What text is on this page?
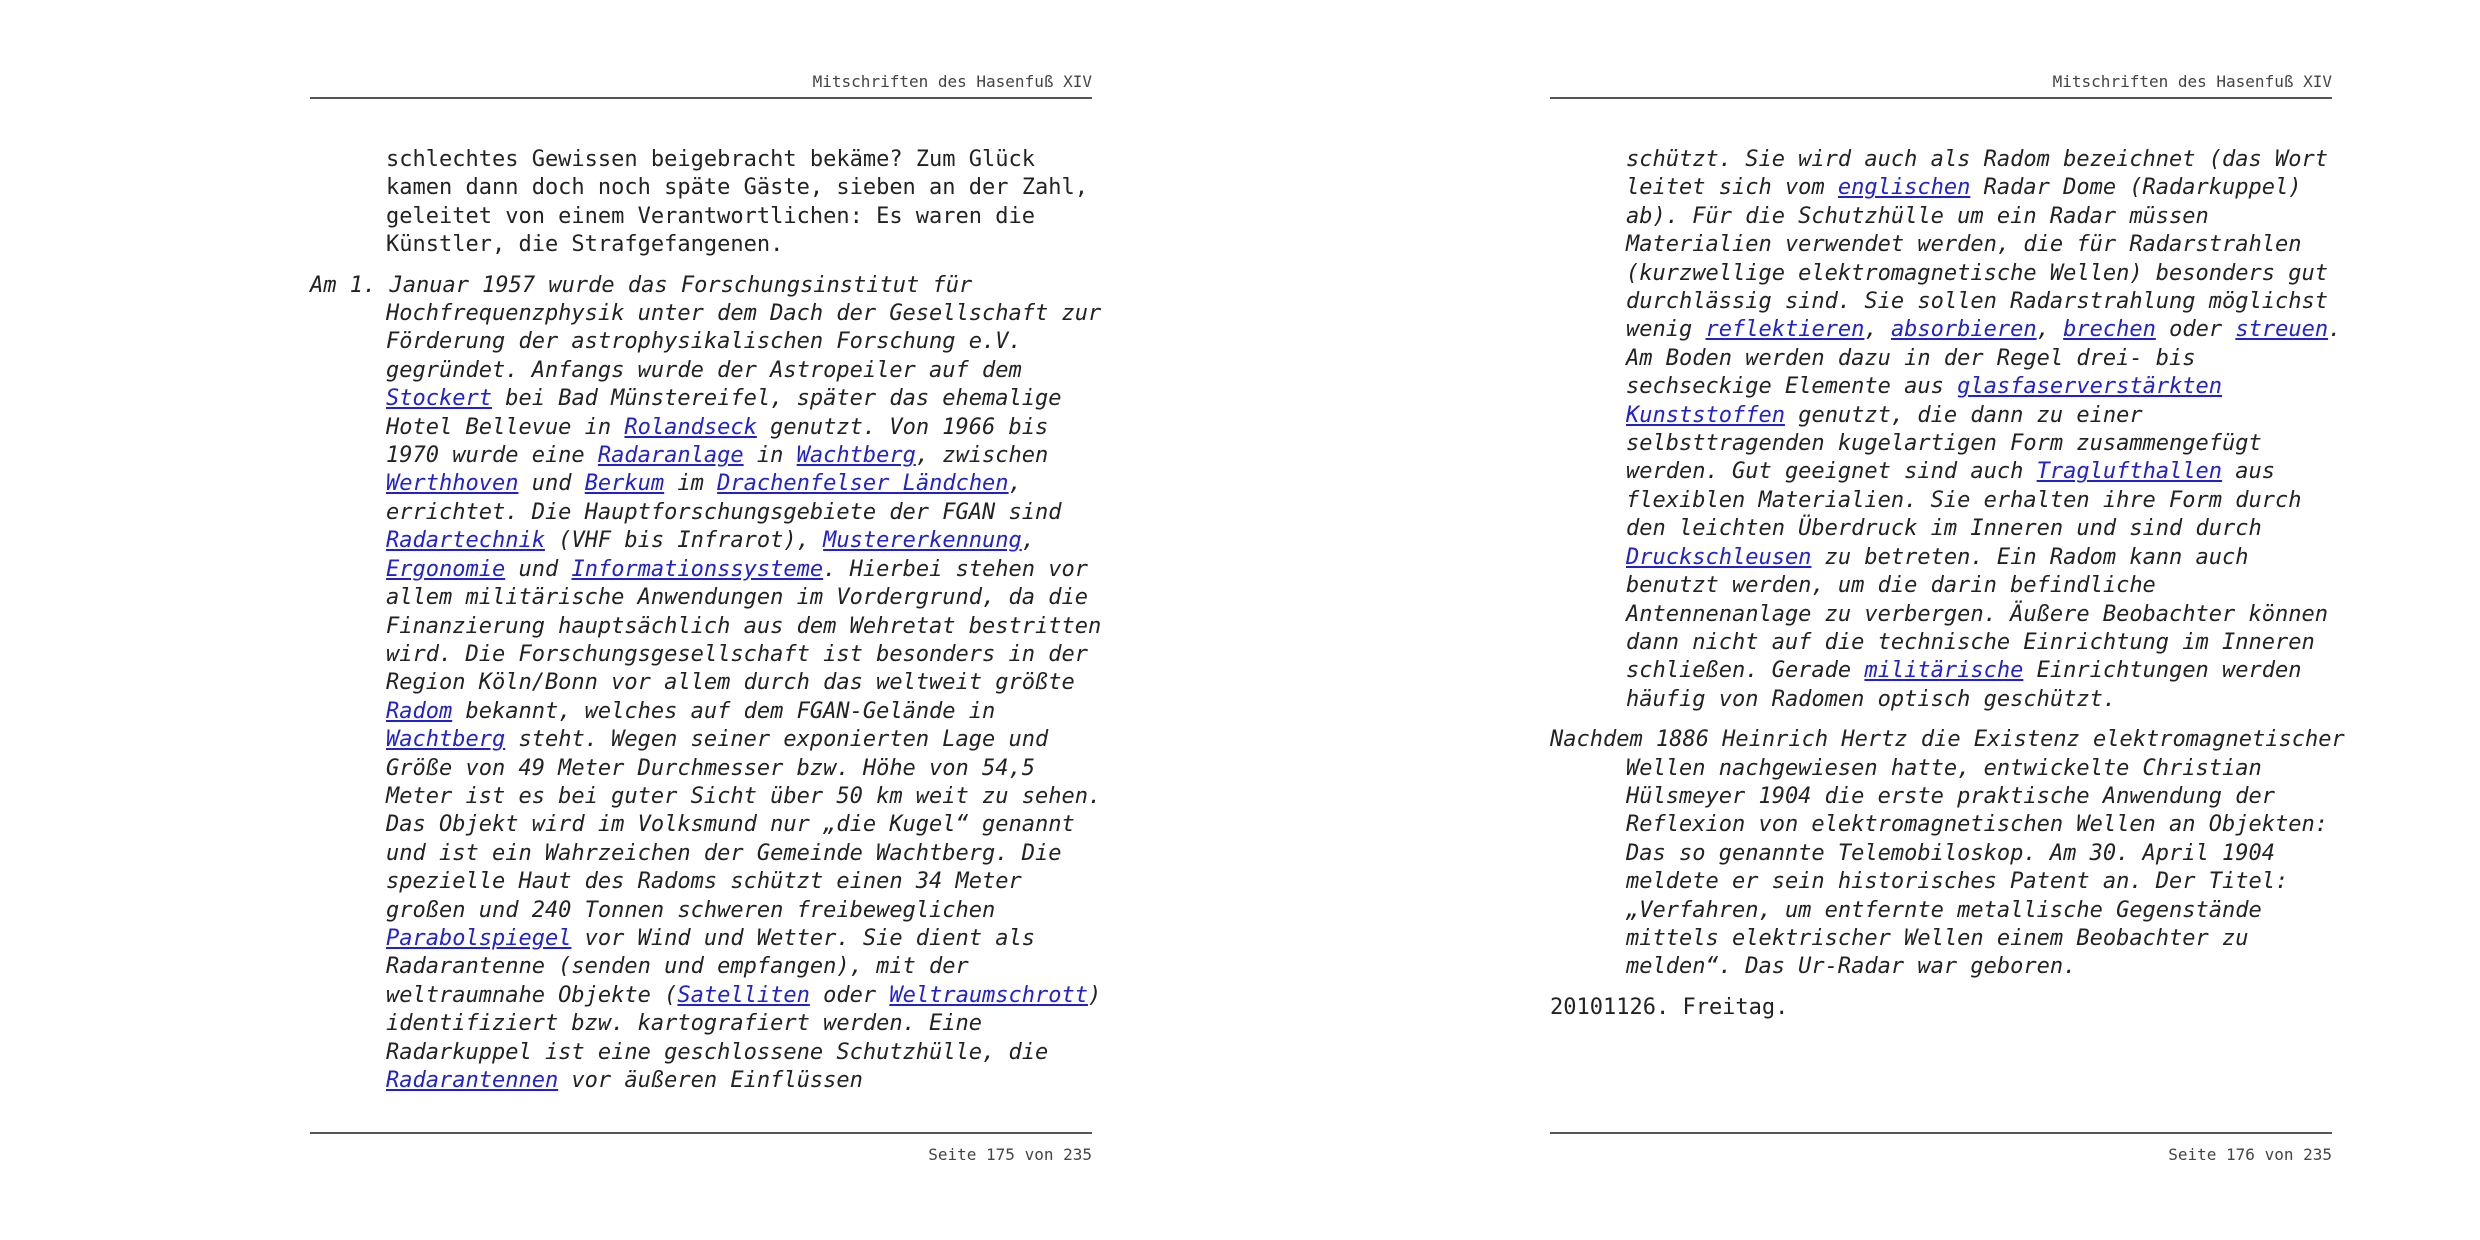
Mitschriften des Hasenfuß XIV

schlechtes Gewissen beigebracht bekäme? Zum Glück kamen dann doch noch späte Gäste, sieben an der Zahl, geleitet von einem Verantwortlichen: Es waren die Künstler, die Strafgefangenen.

Am 1. Januar 1957 wurde das Forschungsinstitut für Hochfrequenzphysik unter dem Dach der Gesellschaft zur Förderung der astrophysikalischen Forschung e.V. gegründet. Anfangs wurde der Astropeiler auf dem Stockert bei Bad Münstereifel, später das ehemalige Hotel Bellevue in Rolandseck genutzt. Von 1966 bis 1970 wurde eine Radaranlage in Wachtberg, zwischen Werthhoven und Berkum im Drachenfelser Ländchen, errichtet. Die Hauptforschungsgebiete der FGAN sind Radartechnik (VHF bis Infrarot), Mustererkennung, Ergonomie und Informationssysteme. Hierbei stehen vor allem militärische Anwendungen im Vordergrund, da die Finanzierung hauptsächlich aus dem Wehretat bestritten wird. Die Forschungsgesellschaft ist besonders in der Region Köln/Bonn vor allem durch das weltweit größte Radom bekannt, welches auf dem FGAN-Gelände in Wachtberg steht. Wegen seiner exponierten Lage und Größe von 49 Meter Durchmesser bzw. Höhe von 54,5 Meter ist es bei guter Sicht über 50 km weit zu sehen. Das Objekt wird im Volksmund nur „die Kugel“ genannt und ist ein Wahrzeichen der Gemeinde Wachtberg. Die spezielle Haut des Radoms schützt einen 34 Meter großen und 240 Tonnen schweren freibeweglichen Parabolspiegel vor Wind und Wetter. Sie dient als Radarantenne (senden und empfangen), mit der weltraumnahe Objekte (Satelliten oder Weltraumschrott) identifiziert bzw. kartografiert werden. Eine Radarkuppel ist eine geschlossene Schutzhülle, die Radarantennen vor äußeren Einflüssen

Seite 175 von 235
Mitschriften des Hasenfuß XIV

schützt. Sie wird auch als Radom bezeichnet (das Wort leitet sich vom englischen Radar Dome (Radarkuppel) ab). Für die Schutzhülle um ein Radar müssen Materialien verwendet werden, die für Radarstrahlen (kurzwellige elektromagnetische Wellen) besonders gut durchlässig sind. Sie sollen Radarstrahlung möglichst wenig reflektieren, absorbieren, brechen oder streuen. Am Boden werden dazu in der Regel drei- bis sechseckige Elemente aus glasfaserverstärkten Kunststoffen genutzt, die dann zu einer selbsttragenden kugelartigen Form zusammengefügt werden. Gut geeignet sind auch Traglufthallen aus flexiblen Materialien. Sie erhalten ihre Form durch den leichten Überdruck im Inneren und sind durch Druckschleusen zu betreten. Ein Radom kann auch benutzt werden, um die darin befindliche Antennenanlage zu verbergen. Äußere Beobachter können dann nicht auf die technische Einrichtung im Inneren schließen. Gerade militärische Einrichtungen werden häufig von Radomen optisch geschützt.

Nachdem 1886 Heinrich Hertz die Existenz elektromagnetischer Wellen nachgewiesen hatte, entwickelte Christian Hülsmeyer 1904 die erste praktische Anwendung der Reflexion von elektromagnetischen Wellen an Objekten: Das so genannte Telemobiloskop. Am 30. April 1904 meldete er sein historisches Patent an. Der Titel: „Verfahren, um entfernte metallische Gegenstände mittels elektrischer Wellen einem Beobachter zu melden“. Das Ur-Radar war geboren.

20101126. Freitag.

Seite 176 von 235
